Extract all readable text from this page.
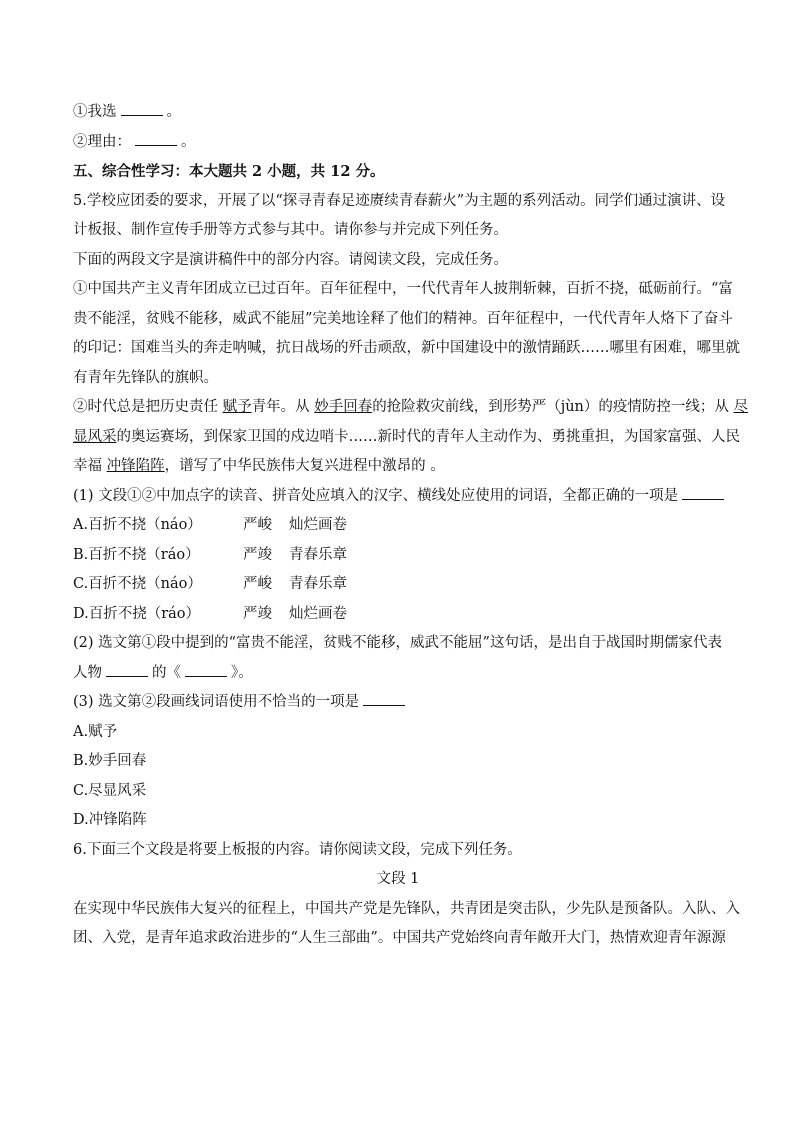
①我选	。
②理由：	。
五、综合性学习：本大题共 2 小题，共 12 分。
5.学校应团委的要求，开展了以“探寻青春足迹赓续青春薪火”为主题的系列活动。同学们通过演讲、设
计板报、制作宣传手册等方式参与其中。请你参与并完成下列任务。
下面的两段文字是演讲稿件中的部分内容。请阅读文段，完成任务。
①中国共产主义青年团成立已过百年。百年征程中，一代代青年人披荆斩棘，百折不挠，砥砺前行。“富
贵不能淫，贫贱不能移，威武不能屈”完美地诠释了他们的精神。百年征程中，一代代青年人烙下了奋斗
的印记：国难当头的奔走呐喊，抗日战场的歼击顽敌，新中国建设中的激情踊跃……哪里有困难，哪里就
有青年先锋队的旗帜。
②时代总是把历史责任 赋予青年。从 妙手回春的抢险救灾前线，到形势严（jùn）的疫情防控一线；从 尽
显风采的奥运赛场，到保家卫国的戍边哨卡……新时代的青年人主动作为、勇挑重担，为国家富强、人民
幸福 冲锋陷阵，谱写了中华民族伟大复兴进程中激昂的 。
(1) 文段①②中加点字的读音、拼音处应填入的汉字、横线处应使用的词语，全都正确的一项是
A.百折不挠（náo）	严峻	灿烂画卷
B.百折不挠（ráo）	严竣	青春乐章
C.百折不挠（náo）	严峻	青春乐章
D.百折不挠（ráo）	严竣	灿烂画卷
(2) 选文第①段中提到的“富贵不能淫，贫贱不能移，威武不能屈”这句话，是出自于战国时期儒家代表
人物	的《	》。
(3) 选文第②段画线词语使用不恰当的一项是
A.赋予
B.妙手回春
C.尽显风采
D.冲锋陷阵
6.下面三个文段是将要上板报的内容。请你阅读文段，完成下列任务。
文段 1
在实现中华民族伟大复兴的征程上，中国共产党是先锋队，共青团是突击队，少先队是预备队。入队、入
团、入党，是青年追求政治进步的“人生三部曲”。中国共产党始终向青年敞开大门，热情欢迎青年源源
